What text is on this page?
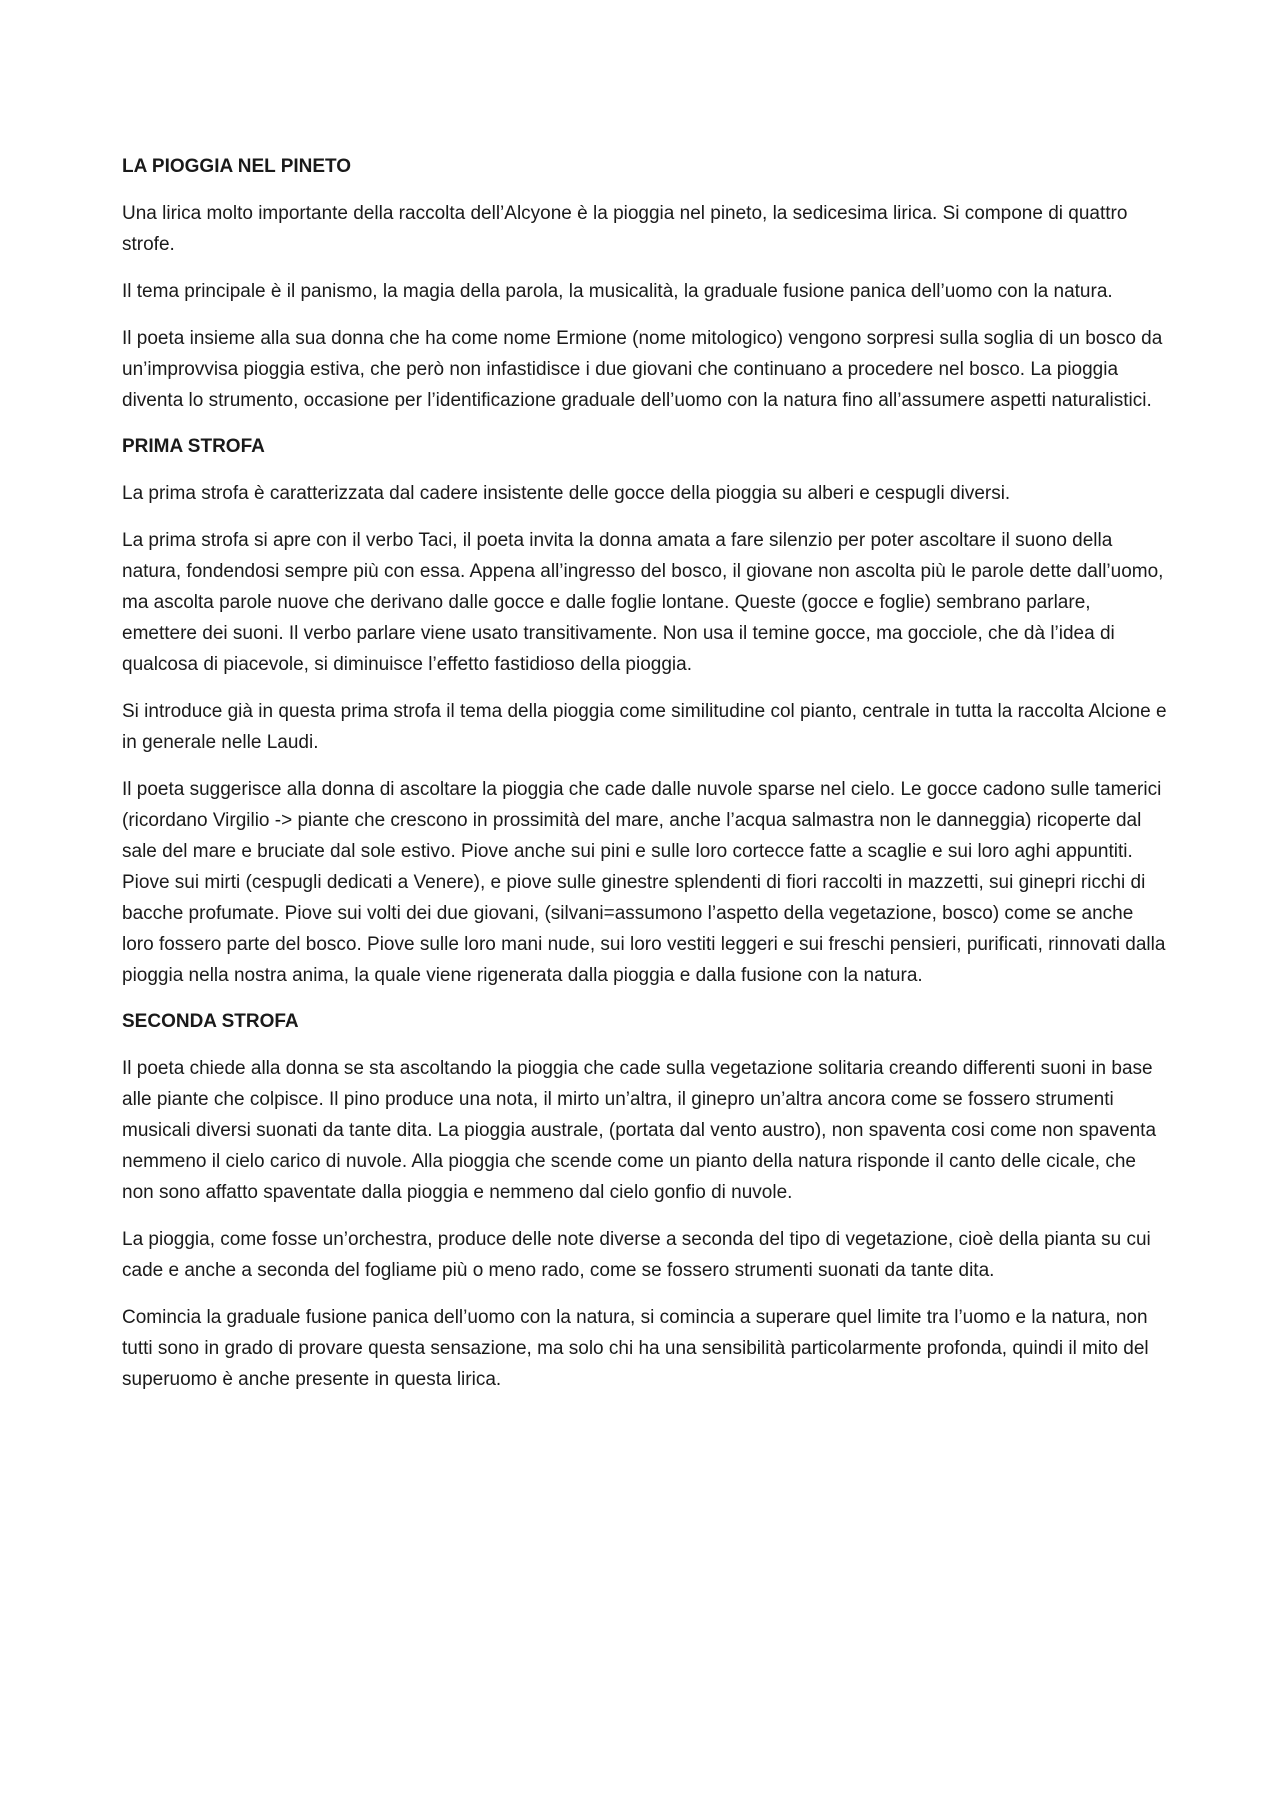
LA PIOGGIA NEL PINETO

Una lirica molto importante della raccolta dell’Alcyone è la pioggia nel pineto, la sedicesima lirica. Si compone di quattro strofe.

Il tema principale è il panismo, la magia della parola, la musicalità, la graduale fusione panica dell’uomo con la natura.

Il poeta insieme alla sua donna che ha come nome Ermione (nome mitologico) vengono sorpresi sulla soglia di un bosco da un’improvvisa pioggia estiva, che però non infastidisce i due giovani che continuano a procedere nel bosco. La pioggia diventa lo strumento, occasione per l’identificazione graduale dell’uomo con la natura fino all’assumere aspetti naturalistici.

PRIMA STROFA

La prima strofa è caratterizzata dal cadere insistente delle gocce della pioggia su alberi e cespugli diversi.

La prima strofa si apre con il verbo Taci, il poeta invita la donna amata a fare silenzio per poter ascoltare il suono della natura, fondendosi sempre più con essa. Appena all’ingresso del bosco, il giovane non ascolta più le parole dette dall’uomo, ma ascolta parole nuove che derivano dalle gocce e dalle foglie lontane. Queste (gocce e foglie) sembrano parlare, emettere dei suoni. Il verbo parlare viene usato transitivamente. Non usa il temine gocce, ma gocciole, che dà l’idea di qualcosa di piacevole, si diminuisce l’effetto fastidioso della pioggia.

Si introduce già in questa prima strofa il tema della pioggia come similitudine col pianto, centrale in tutta la raccolta Alcione e in generale nelle Laudi.

Il poeta suggerisce alla donna di ascoltare la pioggia che cade dalle nuvole sparse nel cielo. Le gocce cadono sulle tamerici (ricordano Virgilio -> piante che crescono in prossimità del mare, anche l’acqua salmastra non le danneggia) ricoperte dal sale del mare e bruciate dal sole estivo. Piove anche sui pini e sulle loro cortecce fatte a scaglie e sui loro aghi appuntiti. Piove sui mirti (cespugli dedicati a Venere), e piove sulle ginestre splendenti di fiori raccolti in mazzetti, sui ginepri ricchi di bacche profumate. Piove sui volti dei due giovani, (silvani=assumono l’aspetto della vegetazione, bosco) come se anche loro fossero parte del bosco. Piove sulle loro mani nude, sui loro vestiti leggeri e sui freschi pensieri, purificati, rinnovati dalla pioggia nella nostra anima, la quale viene rigenerata dalla pioggia e dalla fusione con la natura.

SECONDA STROFA

Il poeta chiede alla donna se sta ascoltando la pioggia che cade sulla vegetazione solitaria creando differenti suoni in base alle piante che colpisce. Il pino produce una nota, il mirto un’altra, il ginepro un’altra ancora come se fossero strumenti musicali diversi suonati da tante dita. La pioggia australe, (portata dal vento austro), non spaventa cosi come non spaventa nemmeno il cielo carico di nuvole. Alla pioggia che scende come un pianto della natura risponde il canto delle cicale, che non sono affatto spaventate dalla pioggia e nemmeno dal cielo gonfio di nuvole.

La pioggia, come fosse un’orchestra, produce delle note diverse a seconda del tipo di vegetazione, cioè della pianta su cui cade e anche a seconda del fogliame più o meno rado, come se fossero strumenti suonati da tante dita.

Comincia la graduale fusione panica dell’uomo con la natura, si comincia a superare quel limite tra l’uomo e la natura, non tutti sono in grado di provare questa sensazione, ma solo chi ha una sensibilità particolarmente profonda, quindi il mito del superuomo è anche presente in questa lirica.
